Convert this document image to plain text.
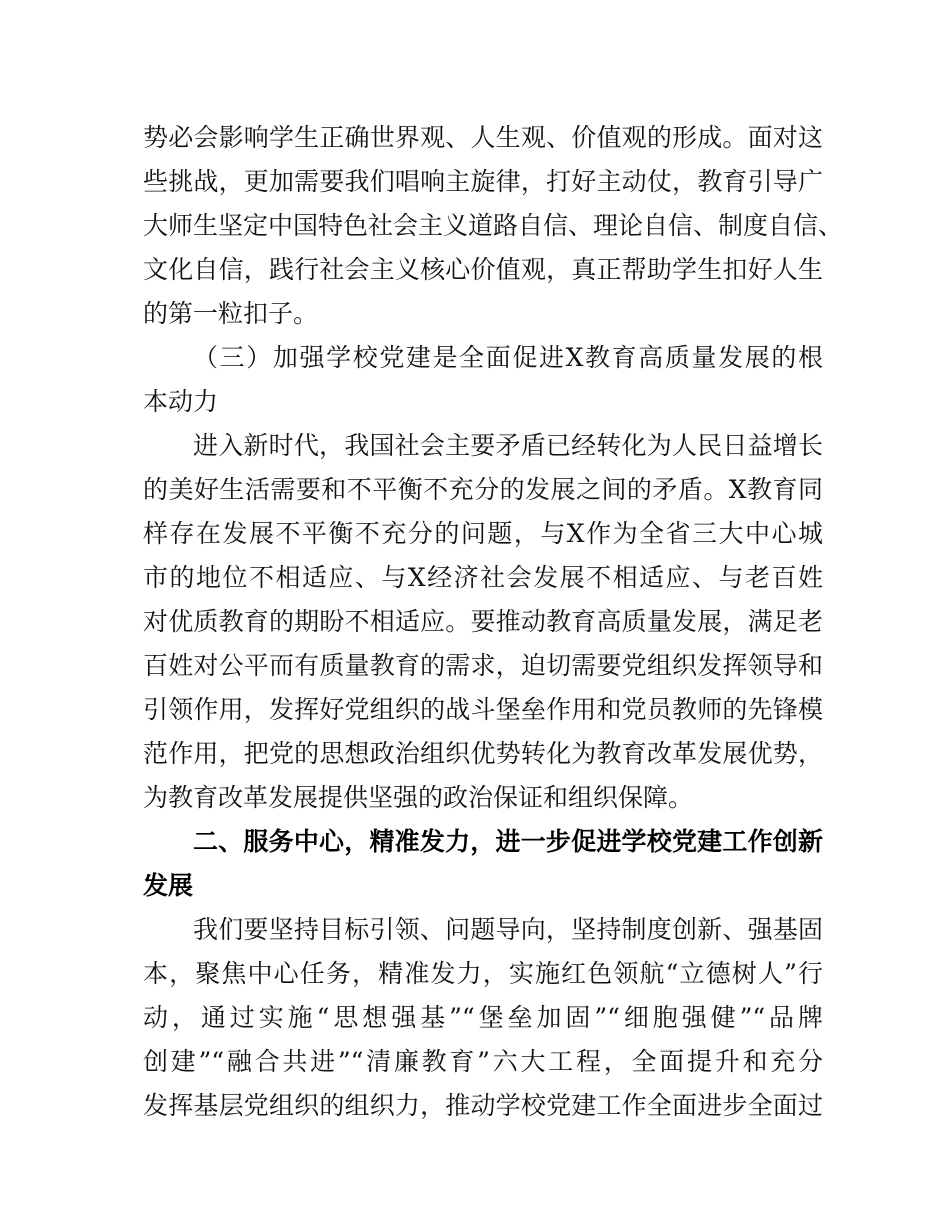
势必会影响学生正确世界观、人生观、价值观的形成。面对这
些挑战，更加需要我们唱响主旋律，打好主动仗，教育引导广
大师生坚定中国特色社会主义道路自信、理论自信、制度自信、
文化自信，践行社会主义核心价值观，真正帮助学生扣好人生
的第一粒扣子。
（三）加强学校党建是全面促进X教育高质量发展的根
本动力
进入新时代，我国社会主要矛盾已经转化为人民日益增长
的美好生活需要和不平衡不充分的发展之间的矛盾。X教育同
样存在发展不平衡不充分的问题，与X作为全省三大中心城
市的地位不相适应、与X经济社会发展不相适应、与老百姓
对优质教育的期盼不相适应。要推动教育高质量发展，满足老
百姓对公平而有质量教育的需求，迫切需要党组织发挥领导和
引领作用，发挥好党组织的战斗堡垒作用和党员教师的先锋模
范作用，把党的思想政治组织优势转化为教育改革发展优势，
为教育改革发展提供坚强的政治保证和组织保障。
二、服务中心，精准发力，进一步促进学校党建工作创新
发展
我们要坚持目标引领、问题导向，坚持制度创新、强基固
本，聚焦中心任务，精准发力，实施红色领航“立德树人”行
动，通过实施“思想强基”“堡垒加固”“细胞强健”“品牌
创建”“融合共进”“清廉教育”六大工程，全面提升和充分
发挥基层党组织的组织力，推动学校党建工作全面进步全面过
